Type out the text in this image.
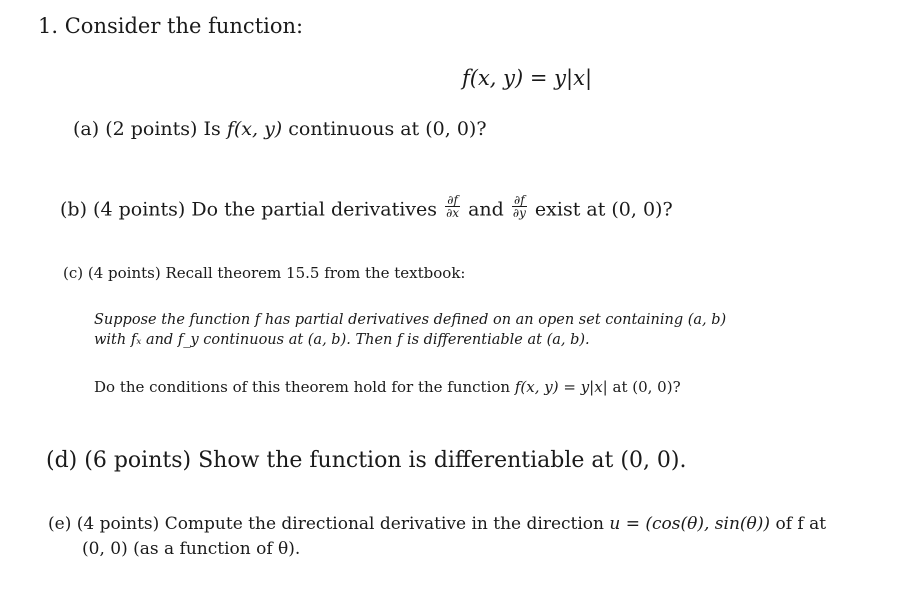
1. Consider the function:
f(x, y) = y|x|
(a) (2 points) Is f(x, y) continuous at (0, 0)?
(b) (4 points) Do the partial derivatives $\frac{\partial f}{\partial x}$ and $\frac{\partial f}{\partial y}$ exist at (0, 0)?
(c) (4 points) Recall theorem 15.5 from the textbook:
Suppose the function f has partial derivatives defined on an open set containing (a, b)
with fₓ and f_y continuous at (a, b). Then f is differentiable at (a, b).
Do the conditions of this theorem hold for the function f(x, y) = y|x| at (0, 0)?
(d) (6 points) Show the function is differentiable at (0, 0).
(e) (4 points) Compute the directional derivative in the direction u = (cos(θ), sin(θ)) of f at
(0, 0) (as a function of θ).
